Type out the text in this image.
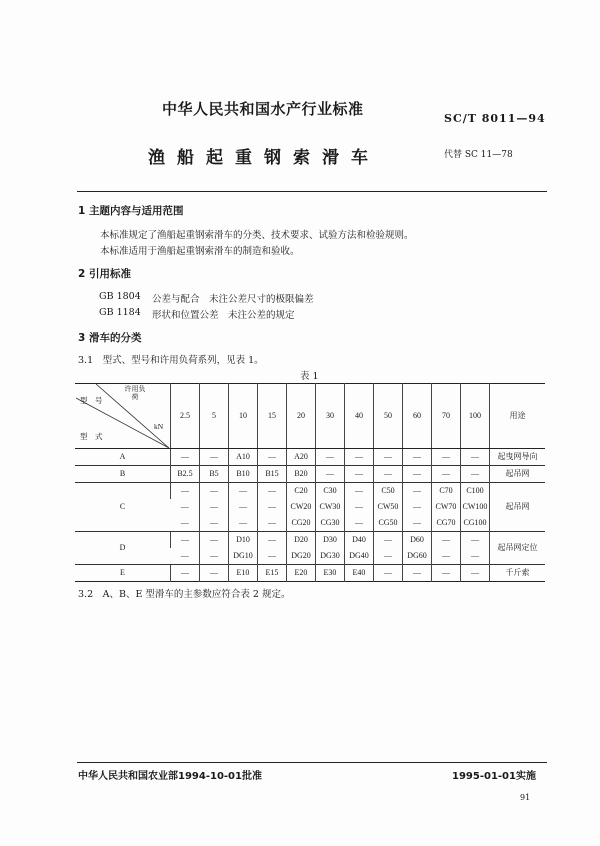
中华人民共和国水产行业标准
SC/T 8011—94
渔船起重钢索滑车	代替 SC 11—78
1 主题内容与适用范围
本标准规定了渔船起重钢索滑车的分类、技术要求、试验方法和检验规则。
本标准适用于渔船起重钢索滑车的制造和验收。
2 引用标准
GB 1804 公差与配合　未注公差尺寸的极限偏差
GB 1184 形状和位置公差　未注公差的规定
3 滑车的分类
3.1　型式、型号和许用负荷系列，见表 1。
表 1
型　号
许用负荷
kN
型　式	2.5	5	10	15	20	30	40	50	60	70	100	用途
A	—	—	A10	—	A20	—	—	—	—	—	—	起曳网导向
B	B2.5	B5	B10	B15	B20	—	—	—	—	—	—	起吊网
C	—	—	—	—	C20	C30	—	C50	—	C70	C100	起吊网
	—	—	—	—	CW20	CW30	—	CW50	—	CW70	CW100	
	—	—	—	—	CG20	CG30	—	CG50	—	CG70	CG100	
D	—	—	D10	—	D20	D30	D40	—	D60	—	—	起吊网定位
	—	—	DG10	—	DG20	DG30	DG40	—	DG60	—	—	
E	—	—	E10	E15	E20	E30	E40	—	—	—	—	千斤索
3.2　A、B、E 型滑车的主参数应符合表 2 规定。
中华人民共和国农业部1994-10-01批准	1995-01-01实施
91
